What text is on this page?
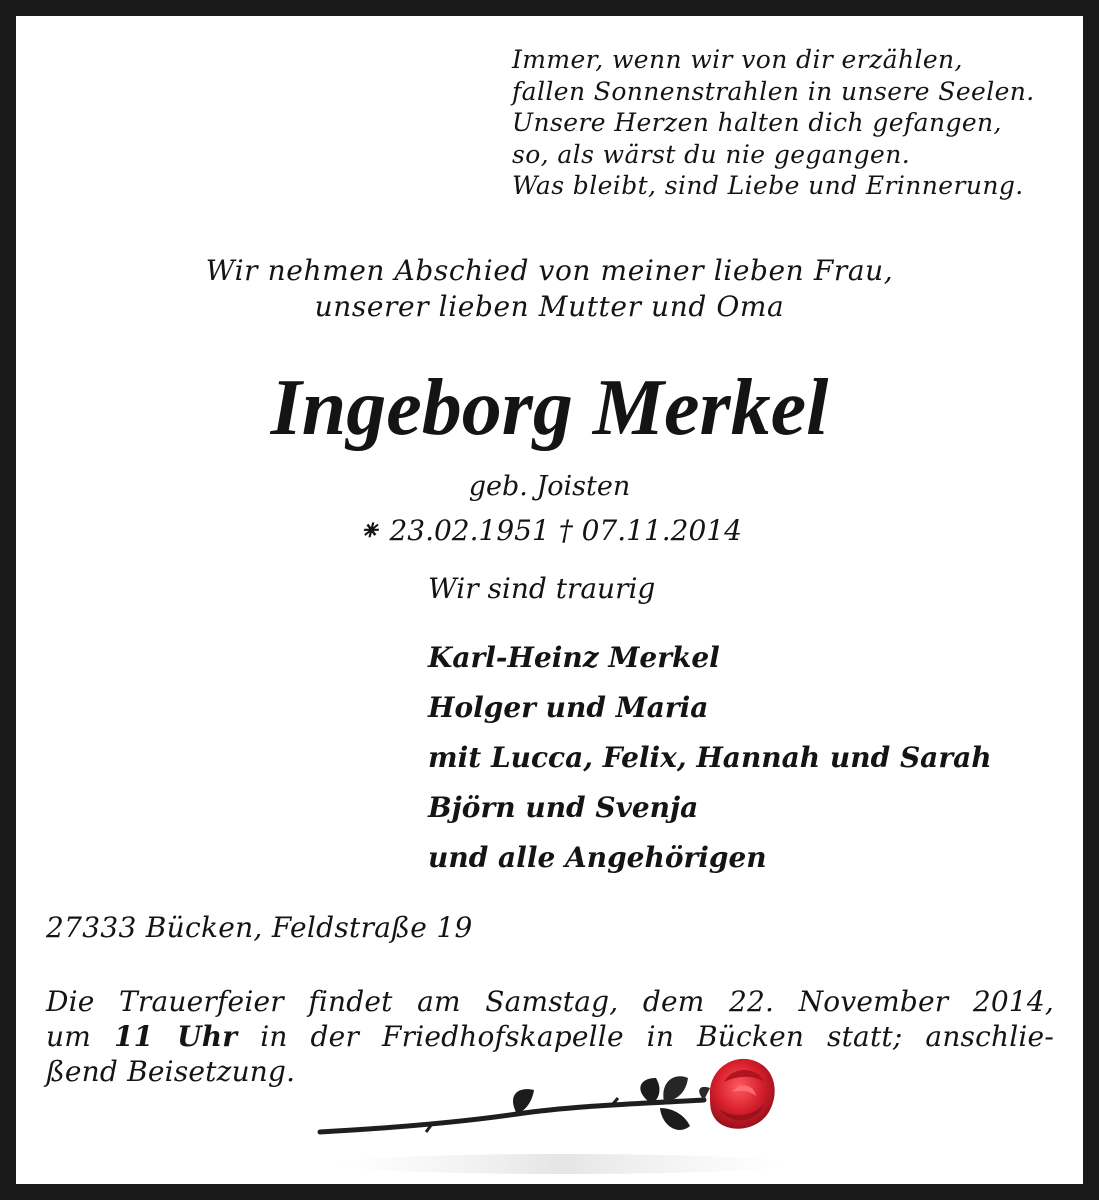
Immer, wenn wir von dir erzählen,
fallen Sonnenstrahlen in unsere Seelen.
Unsere Herzen halten dich gefangen,
so, als wärst du nie gegangen.
Was bleibt, sind Liebe und Erinnerung.
Wir nehmen Abschied von meiner lieben Frau,
unserer lieben Mutter und Oma
Ingeborg Merkel
geb. Joisten
⁕ 23.02.1951 † 07.11.2014
Wir sind traurig
Karl-Heinz Merkel
Holger und Maria
mit Lucca, Felix, Hannah und Sarah
Björn und Svenja
und alle Angehörigen
27333 Bücken, Feldstraße 19
Die Trauerfeier findet am Samstag, dem 22. November 2014,
um 11 Uhr in der Friedhofskapelle in Bücken statt; anschlie-
ßend Beisetzung.
